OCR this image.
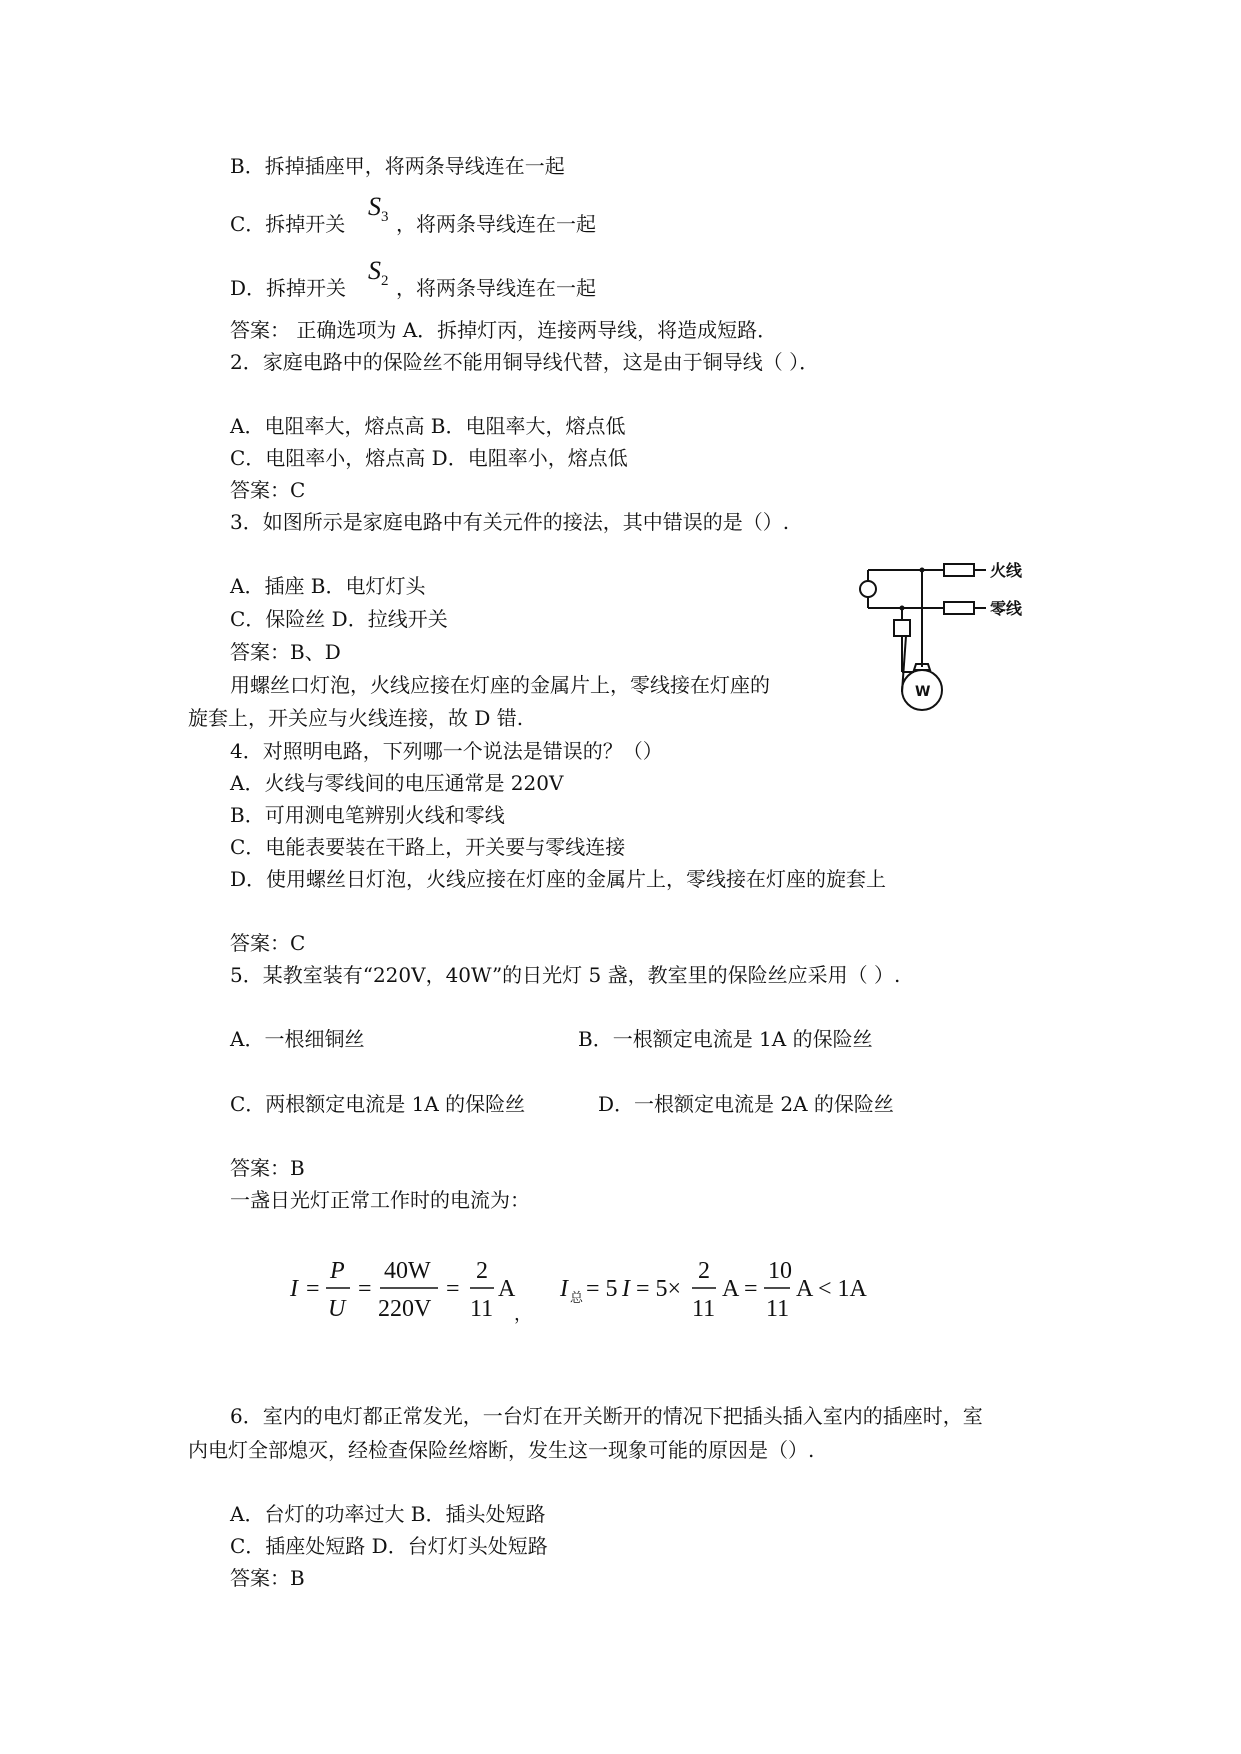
B．拆掉插座甲，将两条导线连在一起
C．拆掉开关
$S_3$ ，将两条导线连在一起
D．拆掉开关
$S_2$ ，将两条导线连在一起
答案： 正确选项为 A．拆掉灯丙，连接两导线，将造成短路．
2．家庭电路中的保险丝不能用铜导线代替，这是由于铜导线（ ）．
A．电阻率大，熔点高 B．电阻率大，熔点低
C．电阻率小，熔点高 D．电阻率小，熔点低
答案：C
3．如图所示是家庭电路中有关元件的接法，其中错误的是（）.
A．插座 B．电灯灯头
C．保险丝 D．拉线开关
答案：B、D
用螺丝口灯泡，火线应接在灯座的金属片上，零线接在灯座的
旋套上，开关应与火线连接，故 D 错.
火线
零线
W
4．对照明电路，下列哪一个说法是错误的？（）
A．火线与零线间的电压通常是 220V
B．可用测电笔辨别火线和零线
C．电能表要装在干路上，开关要与零线连接
D．使用螺丝日灯泡，火线应接在灯座的金属片上，零线接在灯座的旋套上
答案：C
5．某教室装有“220V，40W”的日光灯 5 盏，教室里的保险丝应采用（ ）.
A．一根细铜丝	B．一根额定电流是 1A 的保险丝
C．两根额定电流是 1A 的保险丝	D．一根额定电流是 2A 的保险丝
答案：B
一盏日光灯正常工作时的电流为：
I =
P
U
=
40W
220V
=
2
11
A
，
I 总 = 5 I = 5×
2
11
A =
10
11
A < 1A
6．室内的电灯都正常发光，一台灯在开关断开的情况下把插头插入室内的插座时，室
内电灯全部熄灭，经检查保险丝熔断，发生这一现象可能的原因是（）.
A．台灯的功率过大 B．插头处短路
C．插座处短路 D．台灯灯头处短路
答案：B
